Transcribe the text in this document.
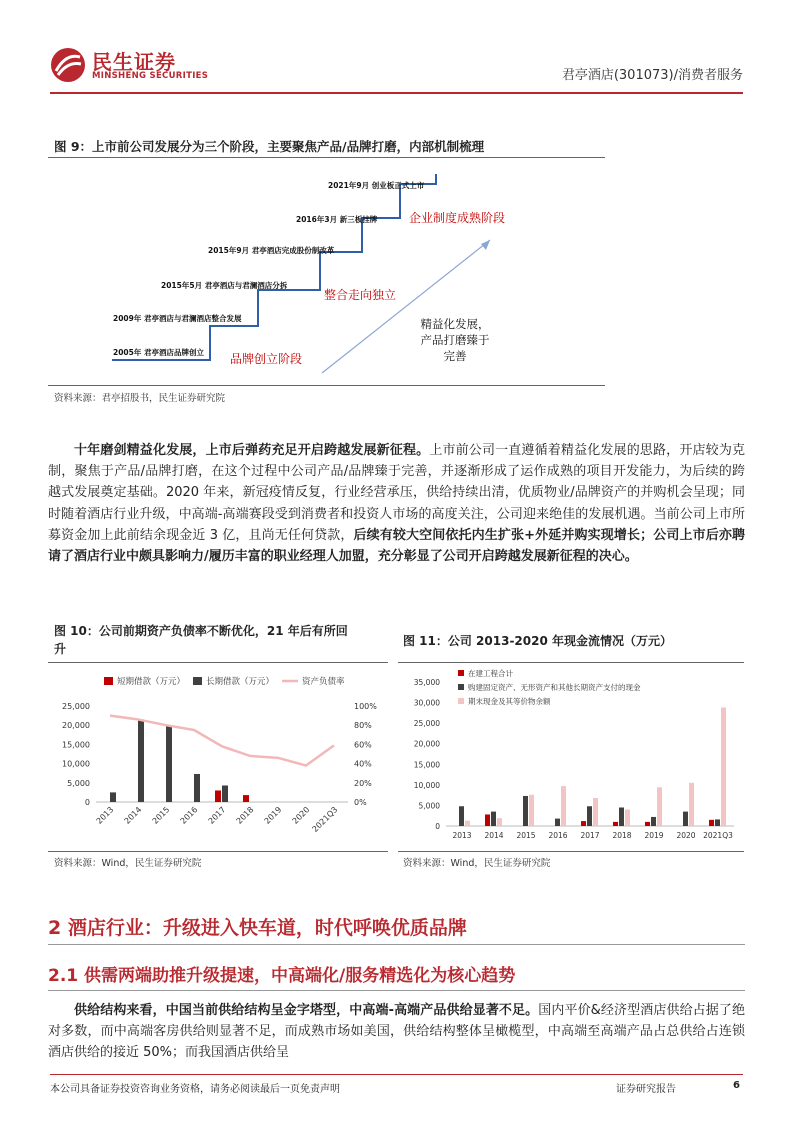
民生证券
MINSHENG SECURITIES	君亭酒店(301073)/消费者服务
图 9：上市前公司发展分为三个阶段，主要聚焦产品/品牌打磨，内部机制梳理
2005年 君亭酒店品牌创立
2009年 君亭酒店与君澜酒店整合发展
2015年5月 君亭酒店与君澜酒店分拆
2015年9月 君亭酒店完成股份制改革
2016年3月 新三板挂牌
2021年9月 创业板正式上市
品牌创立阶段
整合走向独立
企业制度成熟阶段
精益化发展，
产品打磨臻于
完善
资料来源：君亭招股书，民生证券研究院
十年磨剑精益化发展，上市后弹药充足开启跨越发展新征程。上市前公司一直遵循着精益化发展的思路，开店较为克制，聚焦于产品/品牌打磨，在这个过程中公司产品/品牌臻于完善，并逐渐形成了运作成熟的项目开发能力，为后续的跨越式发展奠定基础。2020 年来，新冠疫情反复，行业经营承压，供给持续出清，优质物业/品牌资产的并购机会呈现；同时随着酒店行业升级，中高端-高端赛段受到消费者和投资人市场的高度关注，公司迎来绝佳的发展机遇。当前公司上市所募资金加上此前结余现金近 3 亿，且尚无任何贷款，后续有较大空间依托内生扩张+外延并购实现增长；公司上市后亦聘请了酒店行业中颇具影响力/履历丰富的职业经理人加盟，充分彰显了公司开启跨越发展新征程的决心。
图 10：公司前期资产负债率不断优化，21 年后有所回
升
0
5,000
10,000
15,000
20,000
25,000
0%
20%
40%
60%
80%
100%
2013 2014 2015 2016 2017 2018 2019 2020 2021Q3
短期借款（万元） 长期借款（万元）	资产负债率
资料来源：Wind，民生证券研究院
图 11：公司 2013-2020 年现金流情况（万元）
0
5,000
10,000
15,000
20,000
25,000
30,000
35,000
2013 2014 2015 2016 2017 2018 2019 2020 2021Q3
在建工程合计
购建固定资产、无形资产和其他长期资产支付的现金
期末现金及其等价物余额
资料来源：Wind，民生证券研究院
2 酒店行业：升级进入快车道，时代呼唤优质品牌
2.1 供需两端助推升级提速，中高端化/服务精选化为核心趋势
供给结构来看，中国当前供给结构呈金字塔型，中高端-高端产品供给显著不足。国内平价&经济型酒店供给占据了绝对多数，而中高端客房供给则显著不足，而成熟市场如美国，供给结构整体呈橄榄型，中高端至高端产品占总供给占连锁酒店供给的接近 50%；而我国酒店供给呈
本公司具备证券投资咨询业务资格，请务必阅读最后一页免责声明	证券研究报告	6
